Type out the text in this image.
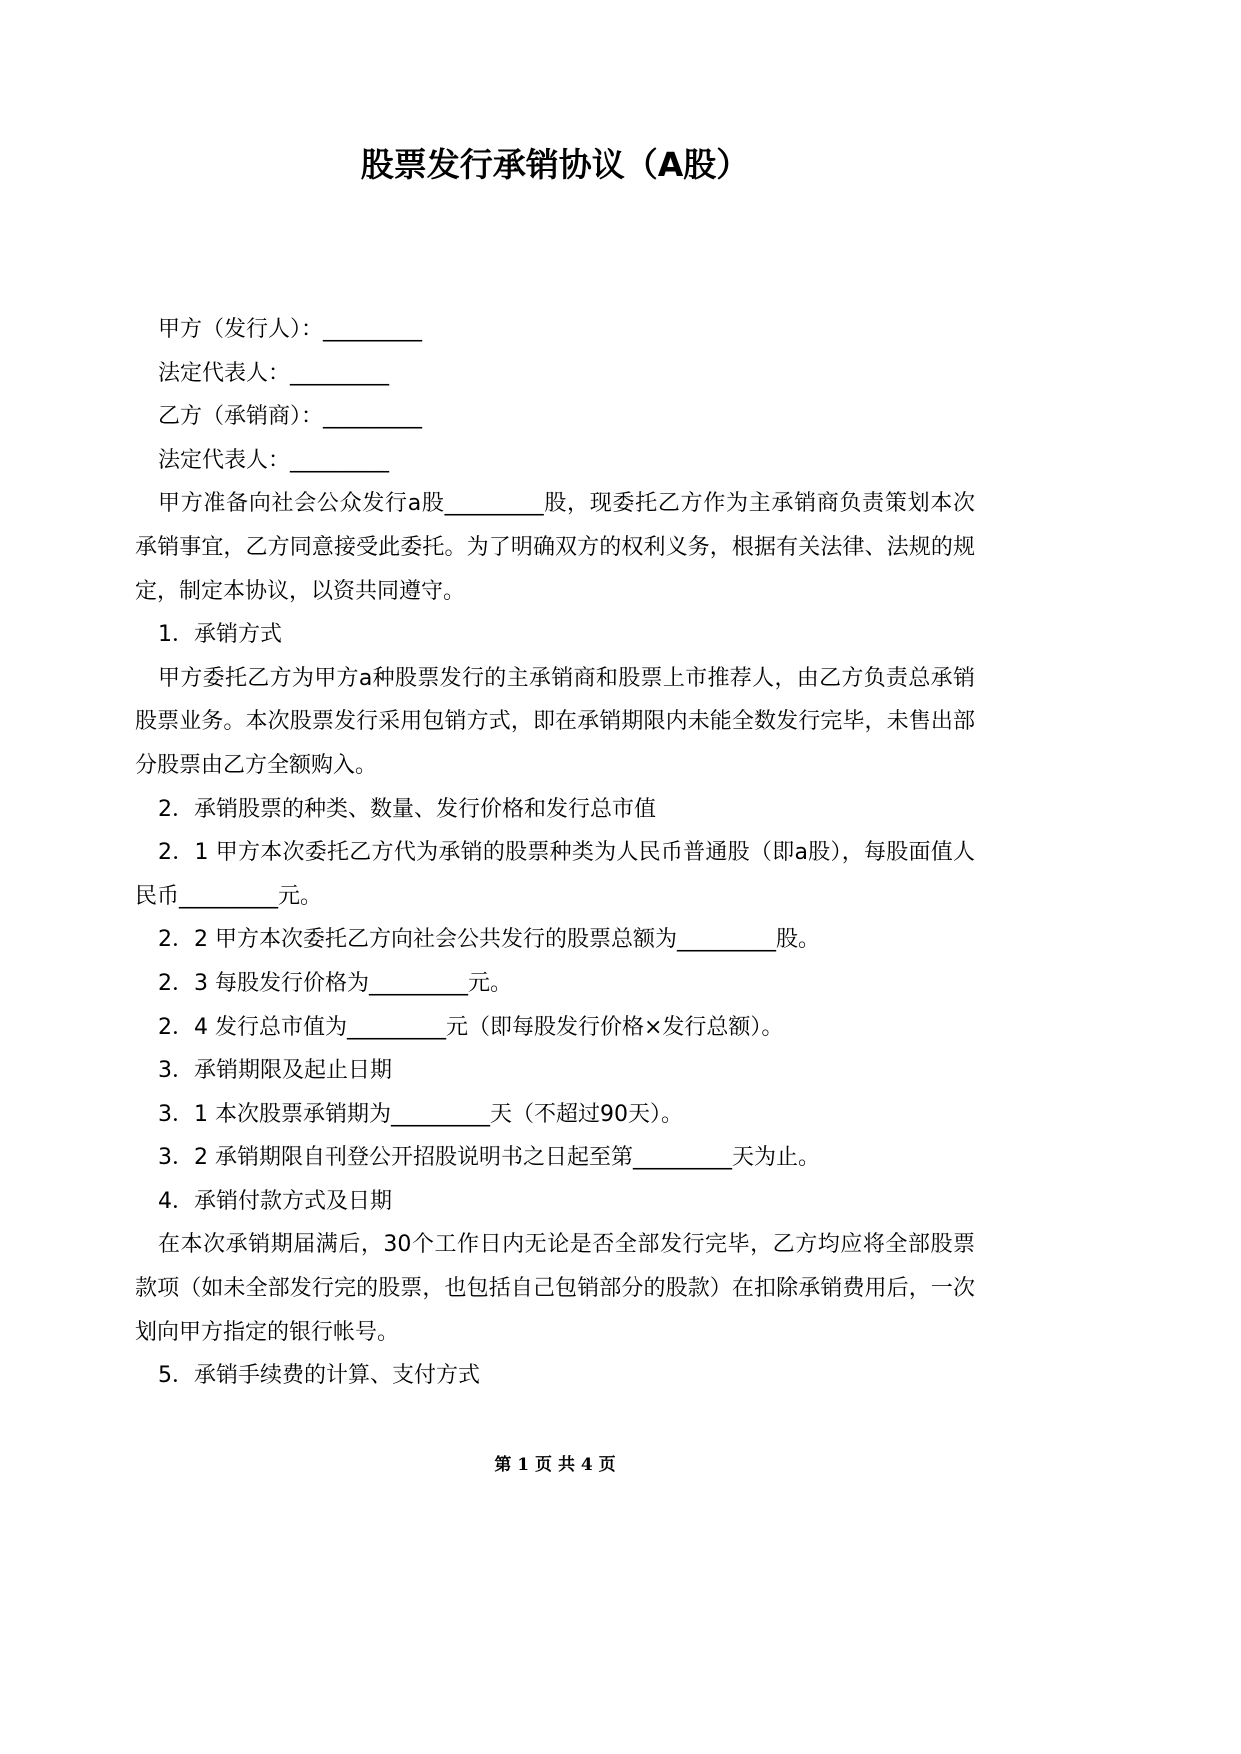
股票发行承销协议（A股）
甲方（发行人）：_________
法定代表人：_________
乙方（承销商）：_________
法定代表人：_________
甲方准备向社会公众发行a股_________股，现委托乙方作为主承销商负责策划本次
承销事宜，乙方同意接受此委托。为了明确双方的权利义务，根据有关法律、法规的规
定，制定本协议，以资共同遵守。
1．承销方式
甲方委托乙方为甲方a种股票发行的主承销商和股票上市推荐人，由乙方负责总承销
股票业务。本次股票发行采用包销方式，即在承销期限内未能全数发行完毕，未售出部
分股票由乙方全额购入。
2．承销股票的种类、数量、发行价格和发行总市值
2．1 甲方本次委托乙方代为承销的股票种类为人民币普通股（即a股），每股面值人
民币_________元。
2．2 甲方本次委托乙方向社会公共发行的股票总额为_________股。
2．3 每股发行价格为_________元。
2．4 发行总市值为_________元（即每股发行价格×发行总额）。
3．承销期限及起止日期
3．1 本次股票承销期为_________天（不超过90天）。
3．2 承销期限自刊登公开招股说明书之日起至第_________天为止。
4．承销付款方式及日期
在本次承销期届满后，30个工作日内无论是否全部发行完毕，乙方均应将全部股票
款项（如未全部发行完的股票，也包括自己包销部分的股款）在扣除承销费用后，一次
划向甲方指定的银行帐号。
5．承销手续费的计算、支付方式
第 1 页 共 4 页
